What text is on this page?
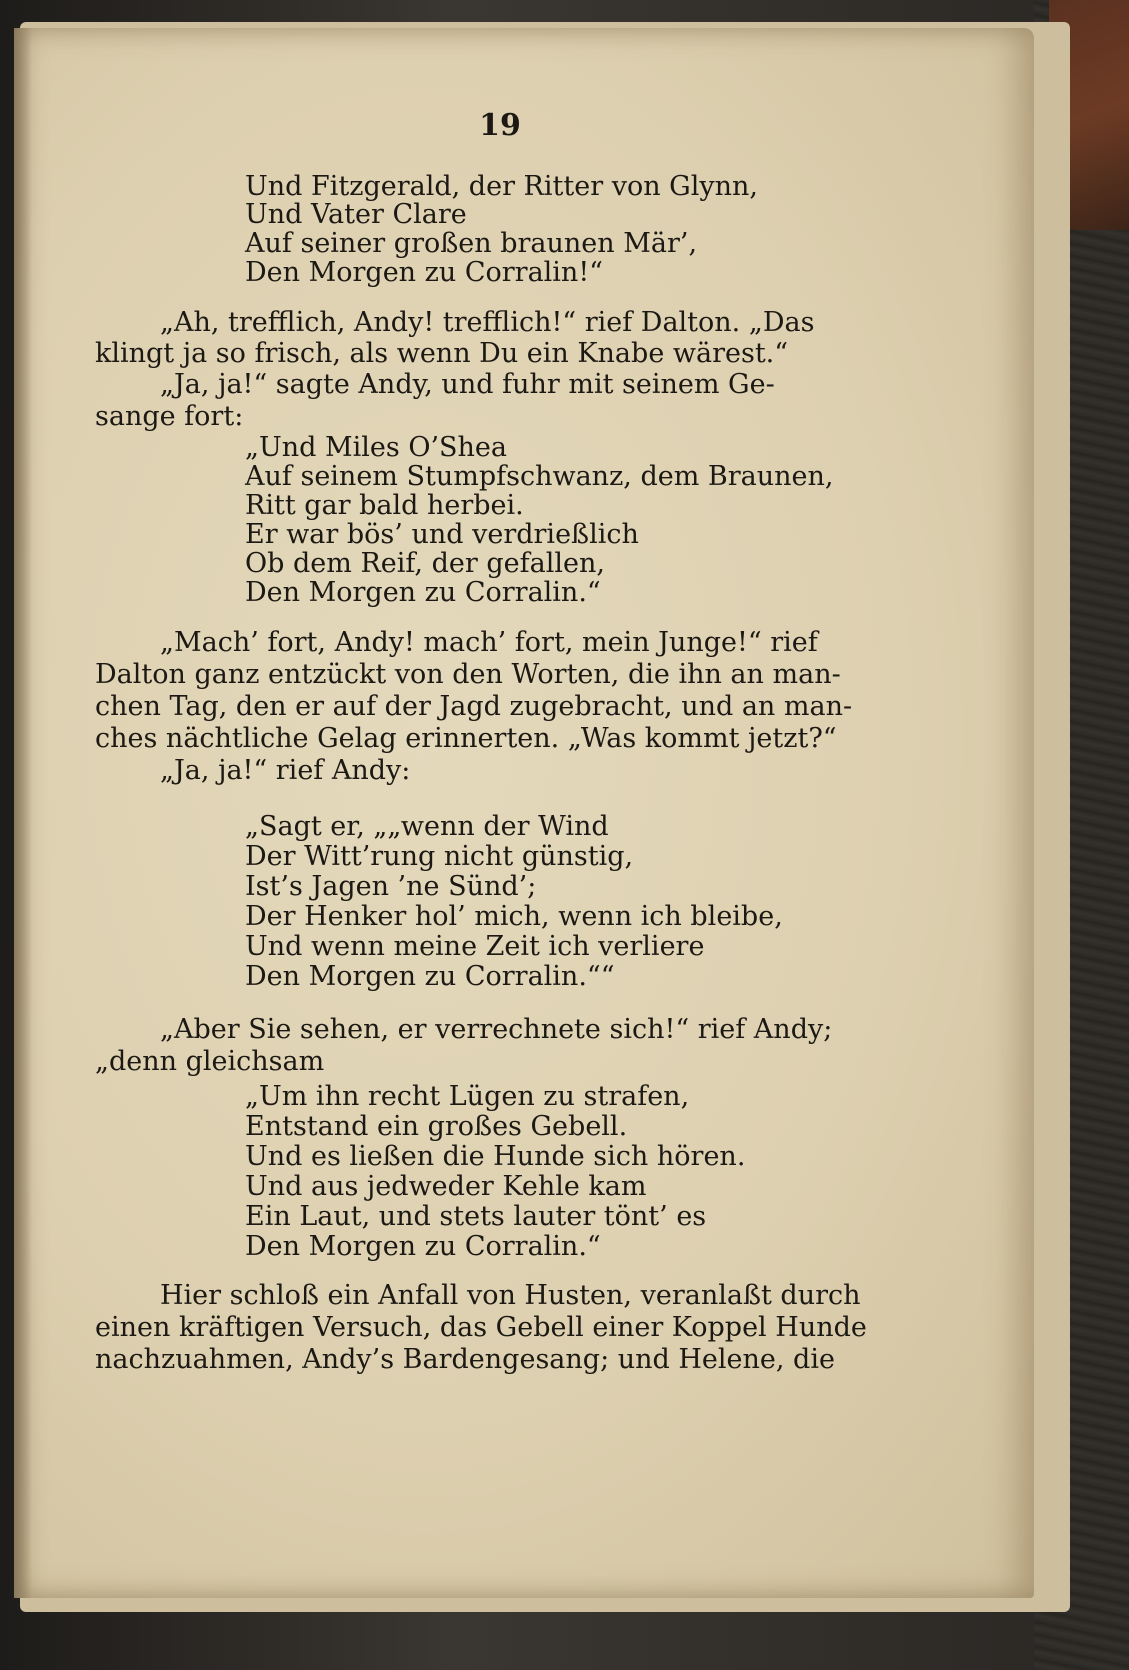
19
Und Fitzgerald, der Ritter von Glynn,
Und Vater Clare
Auf seiner großen braunen Mär’,
Den Morgen zu Corralin!“
„Ah, trefflich, Andy! trefflich!“ rief Dalton. „Das
klingt ja so frisch, als wenn Du ein Knabe wärest.“
„Ja, ja!“ sagte Andy, und fuhr mit seinem Ge-
sange fort:
„Und Miles O’Shea
Auf seinem Stumpfschwanz, dem Braunen,
Ritt gar bald herbei.
Er war bös’ und verdrießlich
Ob dem Reif, der gefallen,
Den Morgen zu Corralin.“
„Mach’ fort, Andy! mach’ fort, mein Junge!“ rief
Dalton ganz entzückt von den Worten, die ihn an man-
chen Tag, den er auf der Jagd zugebracht, und an man-
ches nächtliche Gelag erinnerten. „Was kommt jetzt?“
„Ja, ja!“ rief Andy:
„Sagt er, „„wenn der Wind
Der Witt’rung nicht günstig,
Ist’s Jagen ’ne Sünd’;
Der Henker hol’ mich, wenn ich bleibe,
Und wenn meine Zeit ich verliere
Den Morgen zu Corralin.““
„Aber Sie sehen, er verrechnete sich!“ rief Andy;
„denn gleichsam
„Um ihn recht Lügen zu strafen,
Entstand ein großes Gebell.
Und es ließen die Hunde sich hören.
Und aus jedweder Kehle kam
Ein Laut, und stets lauter tönt’ es
Den Morgen zu Corralin.“
Hier schloß ein Anfall von Husten, veranlaßt durch
einen kräftigen Versuch, das Gebell einer Koppel Hunde
nachzuahmen, Andy’s Bardengesang; und Helene, die
